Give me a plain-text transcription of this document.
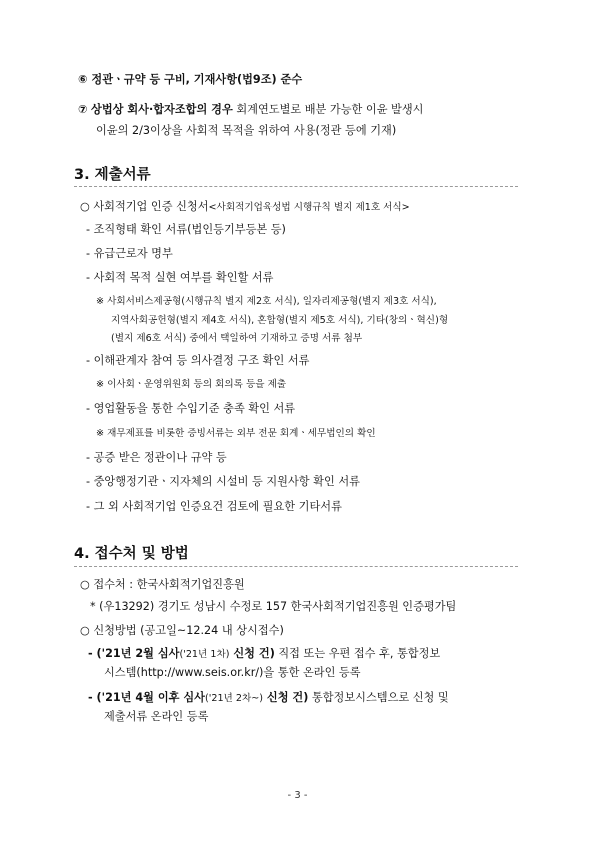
⑥ 정관ㆍ규약 등 구비, 기재사항(법9조) 준수
⑦ 상법상 회사·합자조합의 경우 회계연도별로 배분 가능한 이윤 발생시
이윤의 2/3이상을 사회적 목적을 위하여 사용(정관 등에 기재)
3. 제출서류
○ 사회적기업 인증 신청서<사회적기업육성법 시행규칙 별지 제1호 서식>
- 조직형태 확인 서류(법인등기부등본 등)
- 유급근로자 명부
- 사회적 목적 실현 여부를 확인할 서류
※ 사회서비스제공형(시행규칙 별지 제2호 서식), 일자리제공형(별지 제3호 서식),
지역사회공헌형(별지 제4호 서식), 혼합형(별지 제5호 서식), 기타(창의ㆍ혁신)형
(별지 제6호 서식) 중에서 택일하여 기재하고 증명 서류 첨부
- 이해관계자 참여 등 의사결정 구조 확인 서류
※ 이사회ㆍ운영위원회 등의 회의록 등을 제출
- 영업활동을 통한 수입기준 충족 확인 서류
※ 재무제표를 비롯한 증빙서류는 외부 전문 회계ㆍ세무법인의 확인
- 공증 받은 정관이나 규약 등
- 중앙행정기관ㆍ지자체의 시설비 등 지원사항 확인 서류
- 그 외 사회적기업 인증요건 검토에 필요한 기타서류
4. 접수처 및 방법
○ 접수처 : 한국사회적기업진흥원
* (우13292) 경기도 성남시 수정로 157 한국사회적기업진흥원 인증평가팀
○ 신청방법 (공고일~12.24 내 상시접수)
- ('21년 2월 심사('21년 1차) 신청 건) 직접 또는 우편 접수 후, 통합정보
시스템(http://www.seis.or.kr/)을 통한 온라인 등록
- ('21년 4월 이후 심사('21년 2차~) 신청 건) 통합정보시스템으로 신청 및
제출서류 온라인 등록
- 3 -
